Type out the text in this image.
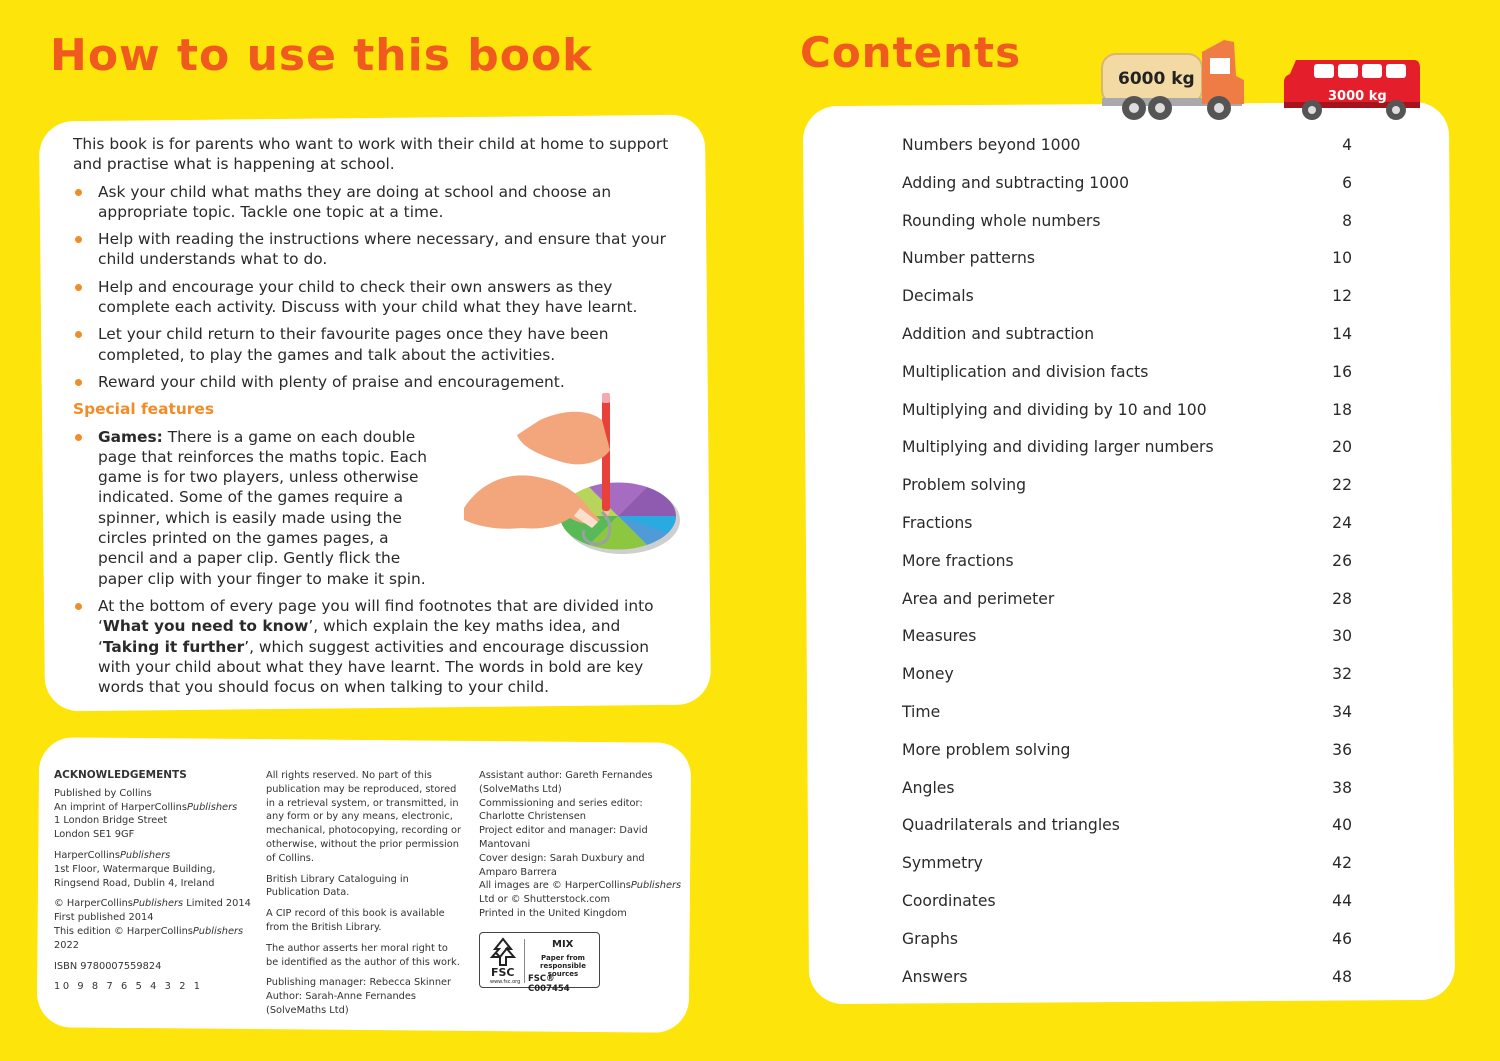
How to use this book	Contents

This book is for parents who want to work with their child at home to support and practise what is happening at school.

Ask your child what maths they are doing at school and choose an appropriate topic. Tackle one topic at a time.
Help with reading the instructions where necessary, and ensure that your child understands what to do.
Help and encourage your child to check their own answers as they complete each activity. Discuss with your child what they have learnt.
Let your child return to their favourite pages once they have been completed, to play the games and talk about the activities.
Reward your child with plenty of praise and encouragement.
Special features
Games: There is a game on each double page that reinforces the maths topic. Each game is for two players, unless otherwise indicated. Some of the games require a spinner, which is easily made using the circles printed on the games pages, a pencil and a paper clip. Gently flick the paper clip with your finger to make it spin.
At the bottom of every page you will find footnotes that are divided into ‘What you need to know’, which explain the key maths idea, and ‘Taking it further’, which suggest activities and encourage discussion with your child about what they have learnt. The words in bold are key words that you should focus on when talking to your child.
ACKNOWLEDGEMENTS

Published by Collins
An imprint of HarperCollinsPublishers
1 London Bridge Street
London SE1 9GF

HarperCollinsPublishers
1st Floor, Watermarque Building,
Ringsend Road, Dublin 4, Ireland

© HarperCollinsPublishers Limited 2014
First published 2014
This edition © HarperCollinsPublishers 2022

ISBN 9780007559824

10 9 8 7 6 5 4 3 2 1

All rights reserved. No part of this publication may be reproduced, stored in a retrieval system, or transmitted, in any form or by any means, electronic, mechanical, photocopying, recording or otherwise, without the prior permission of Collins.

British Library Cataloguing in Publication Data.

A CIP record of this book is available from the British Library.

The author asserts her moral right to be identified as the author of this work.

Publishing manager: Rebecca Skinner Author: Sarah-Anne Fernandes (SolveMaths Ltd)

Assistant author: Gareth Fernandes (SolveMaths Ltd)
Commissioning and series editor: Charlotte Christensen
Project editor and manager: David Mantovani
Cover design: Sarah Duxbury and Amparo Barrera
All images are © HarperCollinsPublishers Ltd or © Shutterstock.com
Printed in the United Kingdom
FSC
www.fsc.org
MIX
Paper from responsible sources
FSC® C007454
Numbers beyond 1000	4
Adding and subtracting 1000	6
Rounding whole numbers	8
Number patterns	10
Decimals	12
Addition and subtraction	14
Multiplication and division facts	16
Multiplying and dividing by 10 and 100	18
Multiplying and dividing larger numbers	20
Problem solving	22
Fractions	24
More fractions	26
Area and perimeter	28
Measures	30
Money	32
Time	34
More problem solving	36
Angles	38
Quadrilaterals and triangles	40
Symmetry	42
Coordinates	44
Graphs	46
Answers	48
6000 kg
3000 kg
